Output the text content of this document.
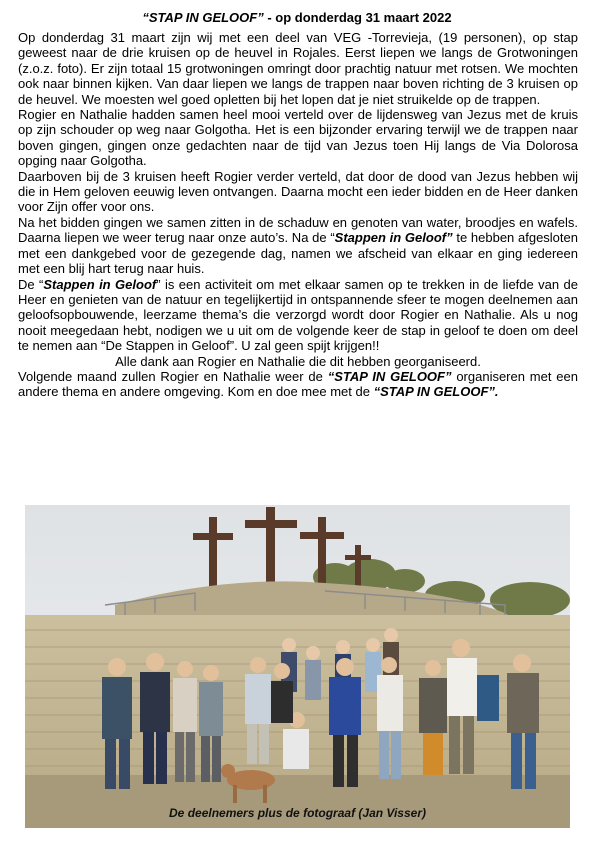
“STAP IN GELOOF” - op donderdag 31 maart 2022

Op donderdag 31 maart zijn wij met een deel van VEG -Torrevieja, (19 personen), op stap geweest naar de drie kruisen op de heuvel in Rojales. Eerst liepen we langs de Grotwoningen (z.o.z. foto). Er zijn totaal 15 grotwoningen omringt door prachtig natuur met rotsen. We mochten ook naar binnen kijken. Van daar liepen we langs de trappen naar boven richting de 3 kruisen op de heuvel. We moesten wel goed opletten bij het lopen dat je niet struikelde op de trappen.

Rogier en Nathalie hadden samen heel mooi verteld over de lijdensweg van Jezus met de kruis op zijn schouder op weg naar Golgotha. Het is een bijzonder ervaring terwijl we de trappen naar boven gingen, gingen onze gedachten naar de tijd van Jezus toen Hij langs de Via Dolorosa opging naar Golgotha.

Daarboven bij de 3 kruisen heeft Rogier verder verteld, dat door de dood van Jezus hebben wij die in Hem geloven eeuwig leven ontvangen. Daarna mocht een ieder bidden en de Heer danken voor Zijn offer voor ons.

Na het bidden gingen we samen zitten in de schaduw en genoten van water, broodjes en wafels. Daarna liepen we weer terug naar onze auto’s. Na de “Stappen in Geloof” te hebben afgesloten met een dankgebed voor de gezegende dag, namen we afscheid van elkaar en ging iedereen met een blij hart terug naar huis.

De “Stappen in Geloof” is een activiteit om met elkaar samen op te trekken in de liefde van de Heer en genieten van de natuur en tegelijkertijd in ontspannende sfeer te mogen deelnemen aan geloofsopbouwende, leerzame thema’s die verzorgd wordt door Rogier en Nathalie. Als u nog nooit meegedaan hebt, nodigen we u uit om de volgende keer de stap in geloof te doen om deel te nemen aan “De Stappen in Geloof”. U zal geen spijt krijgen!!

Alle dank aan Rogier en Nathalie die dit hebben georganiseerd.

Volgende maand zullen Rogier en Nathalie weer de “STAP IN GELOOF” organiseren met een andere thema en andere omgeving. Kom en doe mee met de “STAP IN GELOOF”.

De deelnemers plus de fotograaf (Jan Visser)
